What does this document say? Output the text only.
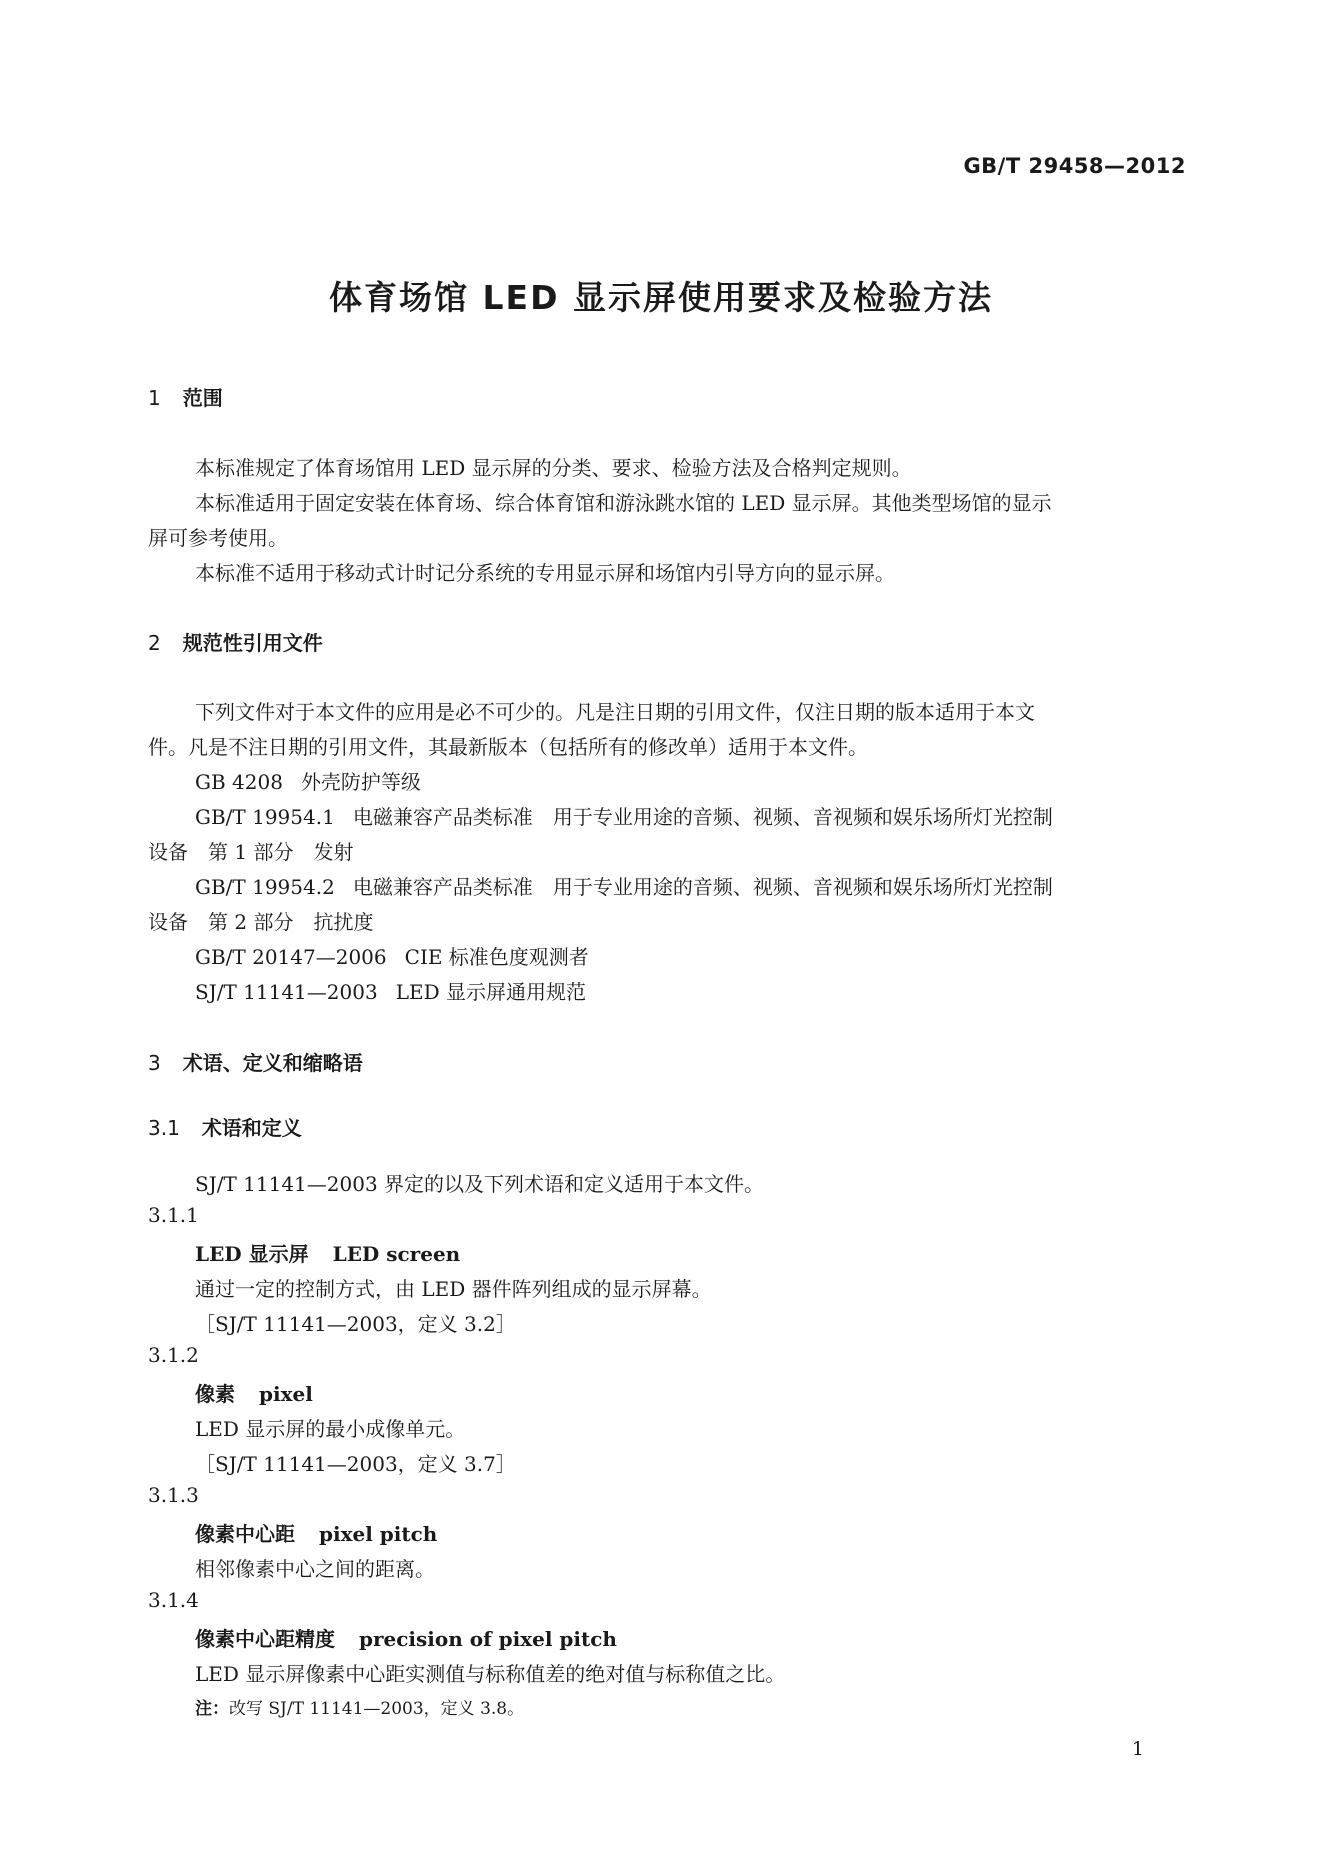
GB/T 29458—2012
体育场馆 LED 显示屏使用要求及检验方法
1 范围
本标准规定了体育场馆用 LED 显示屏的分类、要求、检验方法及合格判定规则。
本标准适用于固定安装在体育场、综合体育馆和游泳跳水馆的 LED 显示屏。其他类型场馆的显示
屏可参考使用。
本标准不适用于移动式计时记分系统的专用显示屏和场馆内引导方向的显示屏。
2 规范性引用文件
下列文件对于本文件的应用是必不可少的。凡是注日期的引用文件，仅注日期的版本适用于本文
件。凡是不注日期的引用文件，其最新版本（包括所有的修改单）适用于本文件。
GB 4208 外壳防护等级
GB/T 19954.1 电磁兼容产品类标准　用于专业用途的音频、视频、音视频和娱乐场所灯光控制
设备 第 1 部分 发射
GB/T 19954.2 电磁兼容产品类标准　用于专业用途的音频、视频、音视频和娱乐场所灯光控制
设备 第 2 部分 抗扰度
GB/T 20147—2006 CIE 标准色度观测者
SJ/T 11141—2003 LED 显示屏通用规范
3 术语、定义和缩略语
3.1 术语和定义
SJ/T 11141—2003 界定的以及下列术语和定义适用于本文件。
3.1.1
LED 显示屏 LED screen
通过一定的控制方式，由 LED 器件阵列组成的显示屏幕。
［SJ/T 11141—2003，定义 3.2］
3.1.2
像素 pixel
LED 显示屏的最小成像单元。
［SJ/T 11141—2003，定义 3.7］
3.1.3
像素中心距 pixel pitch
相邻像素中心之间的距离。
3.1.4
像素中心距精度 precision of pixel pitch
LED 显示屏像素中心距实测值与标称值差的绝对值与标称值之比。
注：改写 SJ/T 11141—2003，定义 3.8。
1
